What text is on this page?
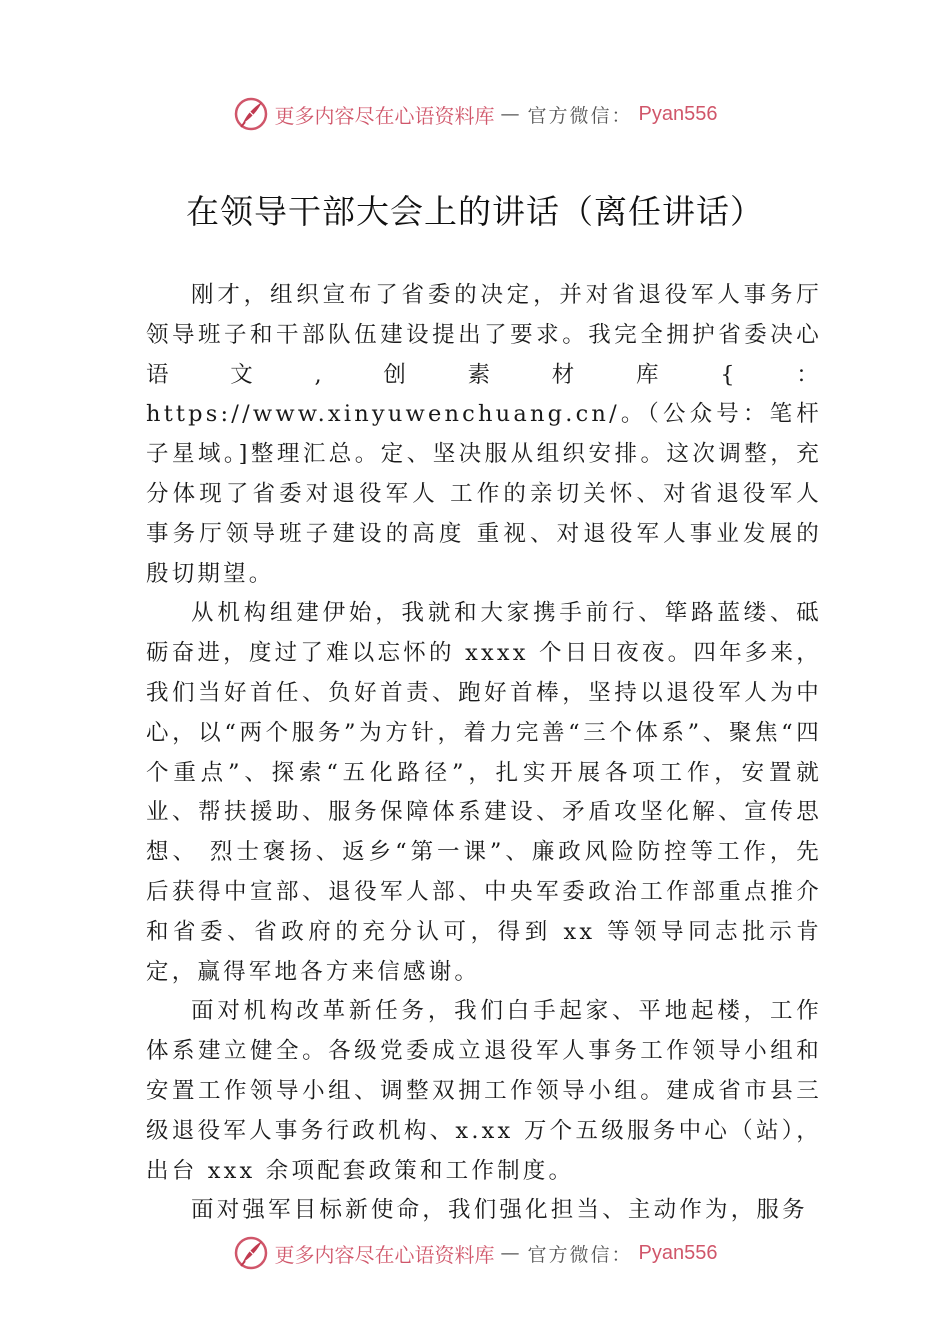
更多内容尽在心语资料库 — 官方微信： Pyan556
在领导干部大会上的讲话（离任讲话）

刚才，组织宣布了省委的决定，并对省退役军人事务厅领导班子和干部队伍建设提出了要求。我完全拥护省委决心语文,创素材库{：https://www.xinyuwenchuang.cn/。（公众号：笔杆子星域。]整理汇总。定、坚决服从组织安排。这次调整，充分体现了省委对退役军人 工作的亲切关怀、对省退役军人事务厅领导班子建设的高度 重视、对退役军人事业发展的殷切期望。

从机构组建伊始，我就和大家携手前行、筚路蓝缕、砥砺奋进，度过了难以忘怀的 xxxx 个日日夜夜。四年多来，我们当好首任、负好首责、跑好首棒，坚持以退役军人为中心，以“两个服务”为方针，着力完善“三个体系”、聚焦“四个重点”、探索“五化路径”，扎实开展各项工作，安置就业、帮扶援助、服务保障体系建设、矛盾攻坚化解、宣传思想、 烈士褒扬、返乡“第一课”、廉政风险防控等工作，先后获得中宣部、退役军人部、中央军委政治工作部重点推介和省委、省政府的充分认可，得到 xx 等领导同志批示肯定，赢得军地各方来信感谢。

面对机构改革新任务，我们白手起家、平地起楼，工作体系建立健全。各级党委成立退役军人事务工作领导小组和安置工作领导小组、调整双拥工作领导小组。建成省市县三级退役军人事务行政机构、x.xx 万个五级服务中心（站），出台 xxx 余项配套政策和工作制度。

面对强军目标新使命，我们强化担当、主动作为，服务

更多内容尽在心语资料库 — 官方微信： Pyan556
